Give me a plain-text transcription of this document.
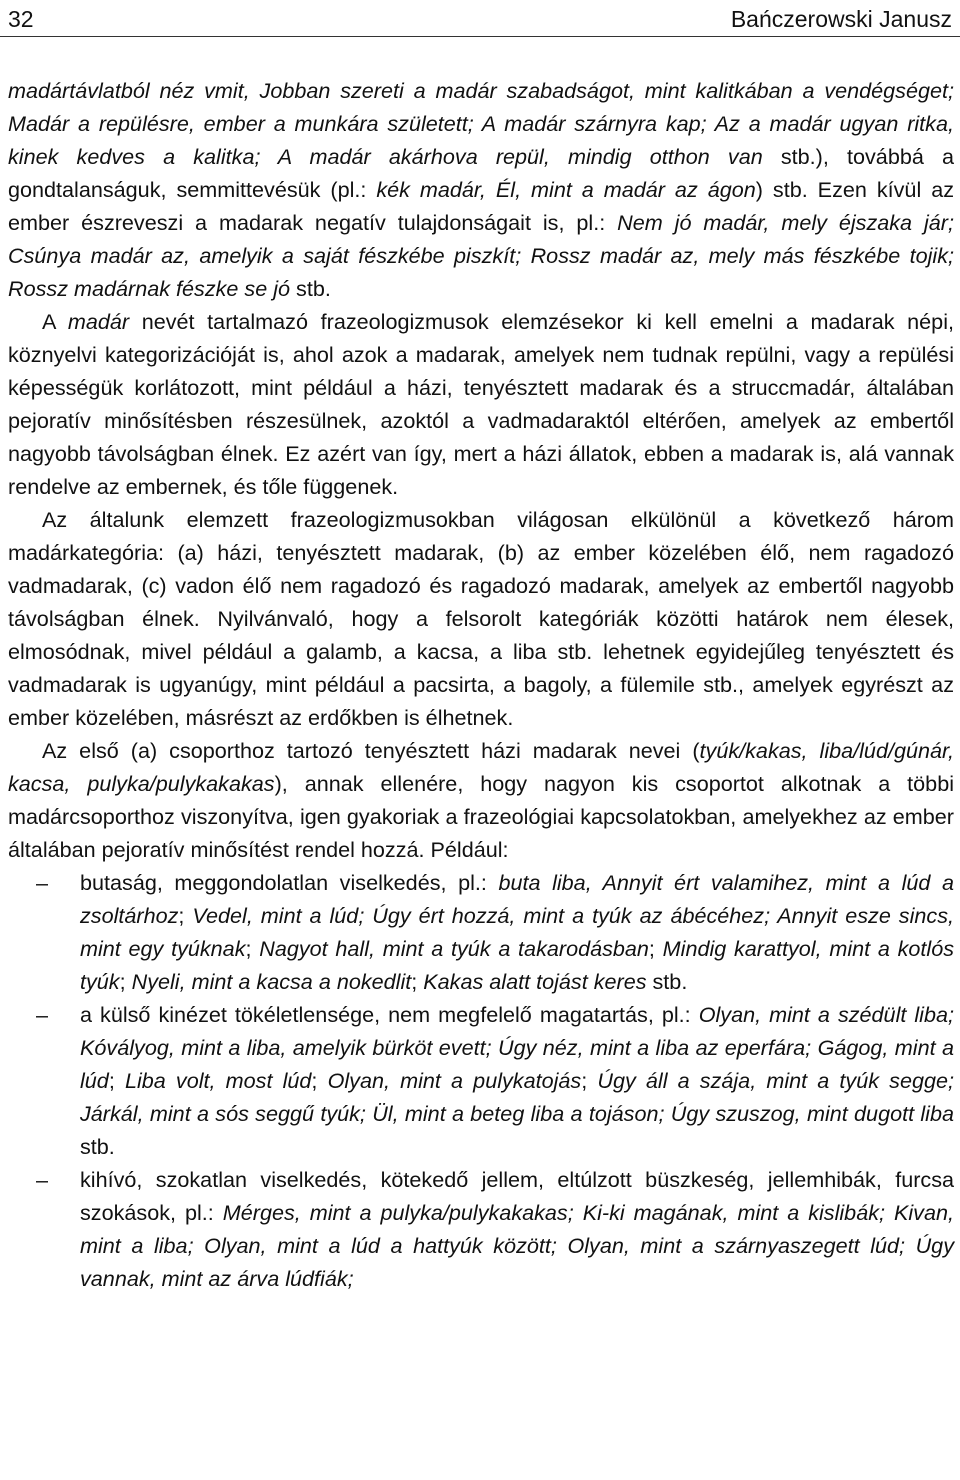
32	Bańczerowski Janusz

madártávlatból néz vmit, Jobban szereti a madár szabadságot, mint kalitkában a vendégséget; Madár a repülésre, ember a munkára született; A madár szárnyra kap; Az a madár ugyan ritka, kinek kedves a kalitka; A madár akárhova repül, mindig otthon van stb.), továbbá a gondtalanságuk, semmittevésük (pl.: kék madár, Él, mint a madár az ágon) stb. Ezen kívül az ember észreveszi a madarak negatív tulajdonságait is, pl.: Nem jó madár, mely éjszaka jár; Csúnya madár az, amelyik a saját fészkébe piszkít; Rossz madár az, mely más fészkébe tojik; Rossz madárnak fészke se jó stb.

A madár nevét tartalmazó frazeologizmusok elemzésekor ki kell emelni a madarak népi, köznyelvi kategorizációját is, ahol azok a madarak, amelyek nem tudnak repülni, vagy a repülési képességük korlátozott, mint például a házi, tenyésztett madarak és a struccmadár, általában pejoratív minősítésben részesülnek, azoktól a vadmadaraktól eltérően, amelyek az embertől nagyobb távolságban élnek. Ez azért van így, mert a házi állatok, ebben a madarak is, alá vannak rendelve az embernek, és tőle függenek.

Az általunk elemzett frazeologizmusokban világosan elkülönül a következő három madárkategória: (a) házi, tenyésztett madarak, (b) az ember közelében élő, nem ragadozó vadmadarak, (c) vadon élő nem ragadozó és ragadozó madarak, amelyek az embertől nagyobb távolságban élnek. Nyilvánvaló, hogy a felsorolt kategóriák közötti határok nem élesek, elmosódnak, mivel például a galamb, a kacsa, a liba stb. lehetnek egyidejűleg tenyésztett és vadmadarak is ugyanúgy, mint például a pacsirta, a bagoly, a fülemile stb., amelyek egyrészt az ember közelében, másrészt az erdőkben is élhetnek.

Az első (a) csoporthoz tartozó tenyésztett házi madarak nevei (tyúk/kakas, liba/lúd/gúnár, kacsa, pulyka/pulykakakas), annak ellenére, hogy nagyon kis csoportot alkotnak a többi madárcsoporthoz viszonyítva, igen gyakoriak a frazeológiai kapcsolatokban, amelyekhez az ember általában pejoratív minősítést rendel hozzá. Például:

– butaság, meggondolatlan viselkedés, pl.: buta liba, Annyit ért valamihez, mint a lúd a zsoltárhoz; Vedel, mint a lúd; Úgy ért hozzá, mint a tyúk az ábécéhez; Annyit esze sincs, mint egy tyúknak; Nagyot hall, mint a tyúk a takarodásban; Mindig karattyol, mint a kotlós tyúk; Nyeli, mint a kacsa a nokedlit; Kakas alatt tojást keres stb.
– a külső kinézet tökéletlensége, nem megfelelő magatartás, pl.: Olyan, mint a szédült liba; Kóvályog, mint a liba, amelyik bürköt evett; Úgy néz, mint a liba az eperfára; Gágog, mint a lúd; Liba volt, most lúd; Olyan, mint a pulykatojás; Úgy áll a szája, mint a tyúk segge; Járkál, mint a sós seggű tyúk; Ül, mint a beteg liba a tojáson; Úgy szuszog, mint dugott liba stb.
– kihívó, szokatlan viselkedés, kötekedő jellem, eltúlzott büszkeség, jellemhibák, furcsa szokások, pl.: Mérges, mint a pulyka/pulykakakas; Ki-ki magának, mint a kislibák; Kivan, mint a liba; Olyan, mint a lúd a hattyúk között; Olyan, mint a szárnyaszegett lúd; Úgy vannak, mint az árva lúdfiák;
